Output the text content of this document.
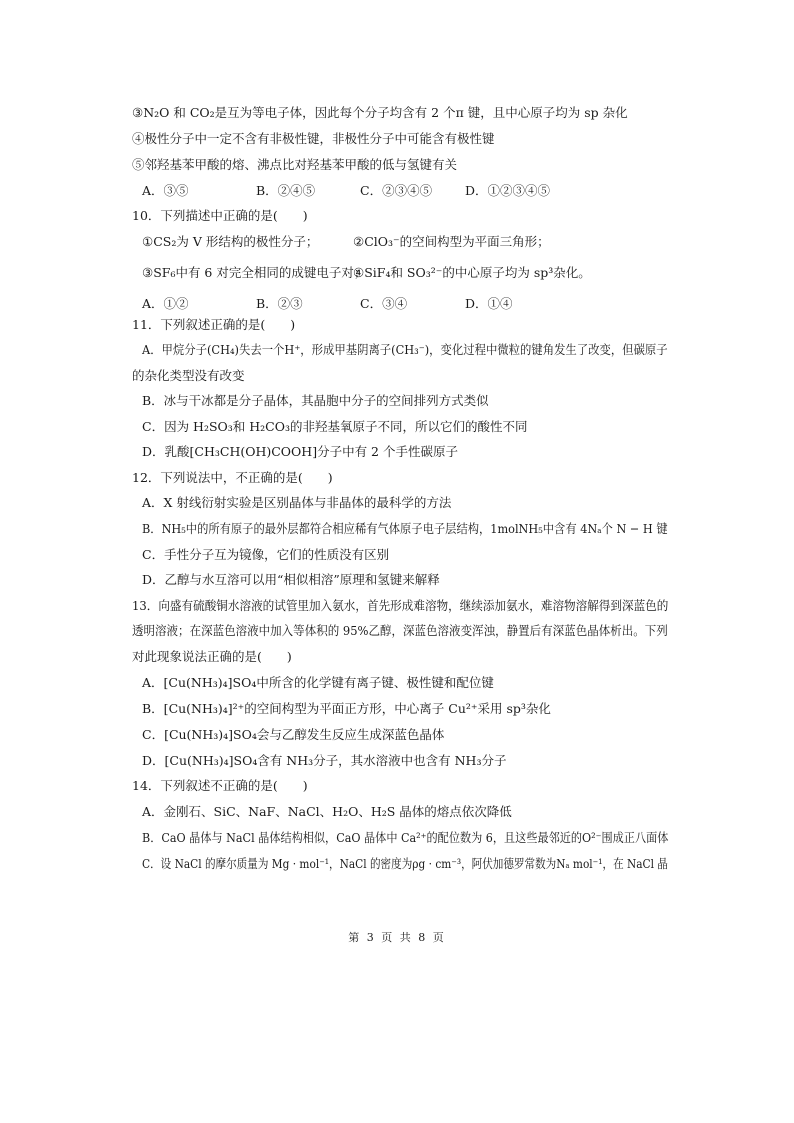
③N₂O 和 CO₂是互为等电子体，因此每个分子均含有 2 个π 键，且中心原子均为 sp 杂化
④极性分子中一定不含有非极性键，非极性分子中可能含有极性键
⑤邻羟基苯甲酸的熔、沸点比对羟基苯甲酸的低与氢键有关
A．③⑤	B．②④⑤	C．②③④⑤	D．①②③④⑤
10．下列描述中正确的是(　　)
①CS₂为 V 形结构的极性分子；	②ClO₃⁻的空间构型为平面三角形；
③SF₆中有 6 对完全相同的成键电子对；
④SiF₄和 SO₃²⁻的中心原子均为 sp³杂化。
A．①②	B．②③	C．③④	D．①④
11．下列叙述正确的是(　　)
A．甲烷分子(CH₄)失去一个H⁺，形成甲基阴离子(CH₃⁻)，变化过程中微粒的键角发生了改变，但碳原子
的杂化类型没有改变
B．冰与干冰都是分子晶体，其晶胞中分子的空间排列方式类似
C．因为 H₂SO₃和 H₂CO₃的非羟基氧原子不同，所以它们的酸性不同
D．乳酸[CH₃CH(OH)COOH]分子中有 2 个手性碳原子
12．下列说法中，不正确的是(　　)
A．X 射线衍射实验是区别晶体与非晶体的最科学的方法
B．NH₅中的所有原子的最外层都符合相应稀有气体原子电子层结构，1molNH₅中含有 4Nₐ个 N − H 键
C．手性分子互为镜像，它们的性质没有区别
D．乙醇与水互溶可以用“相似相溶”原理和氢键来解释
13．向盛有硫酸铜水溶液的试管里加入氨水，首先形成难溶物，继续添加氨水，难溶物溶解得到深蓝色的
透明溶液；在深蓝色溶液中加入等体积的 95%乙醇，深蓝色溶液变浑浊，静置后有深蓝色晶体析出。下列
对此现象说法正确的是(　　)
A．[Cu(NH₃)₄]SO₄中所含的化学键有离子键、极性键和配位键
B．[Cu(NH₃)₄]²⁺的空间构型为平面正方形，中心离子 Cu²⁺采用 sp³杂化
C．[Cu(NH₃)₄]SO₄会与乙醇发生反应生成深蓝色晶体
D．[Cu(NH₃)₄]SO₄含有 NH₃分子，其水溶液中也含有 NH₃分子
14．下列叙述不正确的是(　　)
A．金刚石、SiC、NaF、NaCl、H₂O、H₂S 晶体的熔点依次降低
B．CaO 晶体与 NaCl 晶体结构相似，CaO 晶体中 Ca²⁺的配位数为 6，且这些最邻近的O²⁻围成正八面体
C．设 NaCl 的摩尔质量为 Mg · mol⁻¹，NaCl 的密度为ρg · cm⁻³，阿伏加德罗常数为Nₐ mol⁻¹，在 NaCl 晶
第 3 页 共 8 页
